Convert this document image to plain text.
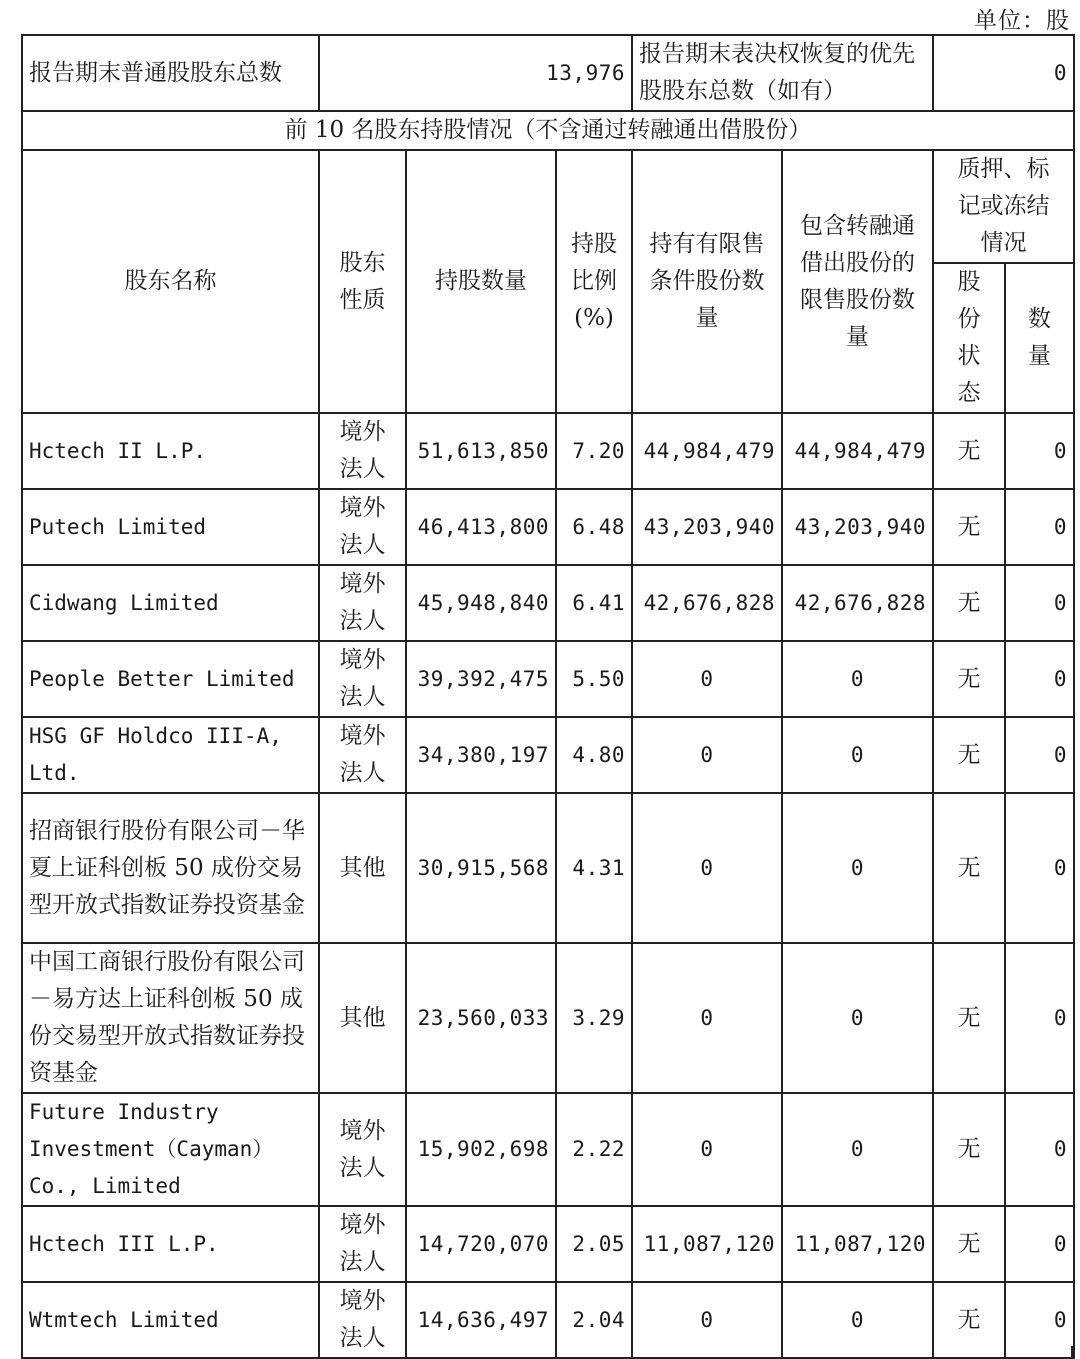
单位：股
报告期末普通股股东总数	13,976			报告期末表决权恢复的优先股股东总数（如有）		0	
前 10 名股东持股情况（不含通过转融通出借股份）							
股东名称	股东性质	持股数量	持股比例(%)	持有有限售条件股份数量	包含转融通借出股份的限售股份数量	质押、标记或冻结情况	
						股份状态	数量
Hctech II L.P.	境外法人	51,613,850	7.20	44,984,479	44,984,479	无	0
Putech Limited	境外法人	46,413,800	6.48	43,203,940	43,203,940	无	0
Cidwang Limited	境外法人	45,948,840	6.41	42,676,828	42,676,828	无	0
People Better Limited	境外法人	39,392,475	5.50	0	0	无	0
HSG GF Holdco III-A, Ltd.	境外法人	34,380,197	4.80	0	0	无	0
招商银行股份有限公司－华夏上证科创板 50 成份交易型开放式指数证券投资基金	其他	30,915,568	4.31	0	0	无	0
中国工商银行股份有限公司－易方达上证科创板 50 成份交易型开放式指数证券投资基金	其他	23,560,033	3.29	0	0	无	0
Future Industry Investment（Cayman）Co., Limited	境外法人	15,902,698	2.22	0	0	无	0
Hctech III L.P.	境外法人	14,720,070	2.05	11,087,120	11,087,120	无	0
Wtmtech Limited	境外法人	14,636,497	2.04	0	0	无	0
